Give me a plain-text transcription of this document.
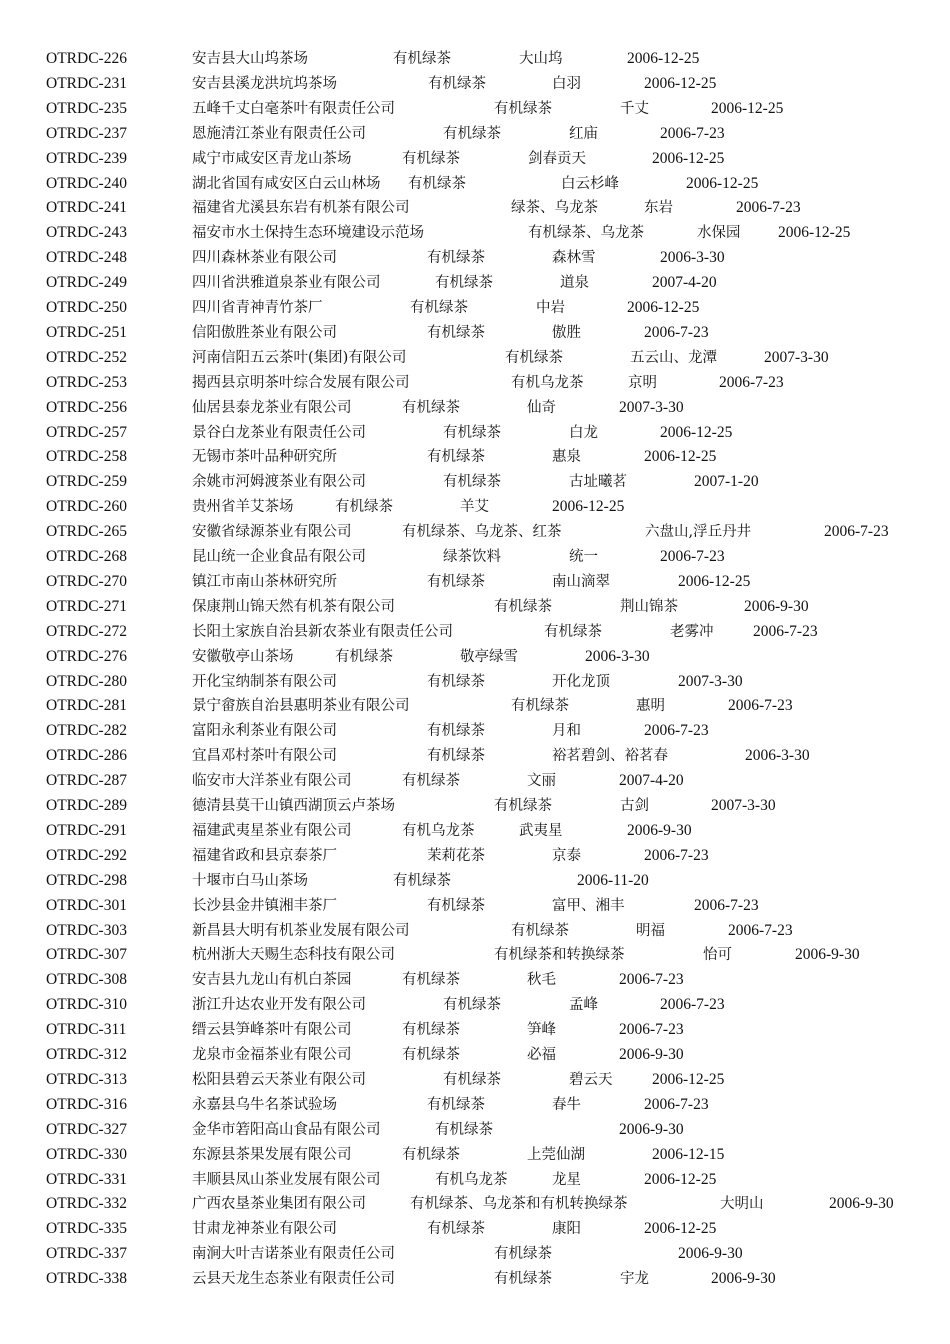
OTRDC-226	安吉县大山坞茶场	有机绿茶	大山坞	2006-12-25
OTRDC-231	安吉县溪龙洪坑坞茶场	有机绿茶	白羽	2006-12-25
OTRDC-235	五峰千丈白毫茶叶有限责任公司	有机绿茶	千丈	2006-12-25
OTRDC-237	恩施清江茶业有限责任公司	有机绿茶	红庙	2006-7-23
OTRDC-239	咸宁市咸安区青龙山茶场	有机绿茶	剑春贡天	2006-12-25
OTRDC-240	湖北省国有咸安区白云山林场 有机绿茶	白云杉峰	2006-12-25
OTRDC-241	福建省尤溪县东岩有机茶有限公司	绿茶、乌龙茶	东岩	2006-7-23
OTRDC-243	福安市水土保持生态环境建设示范场	有机绿茶、乌龙茶	水保园 2006-12-25
OTRDC-248	四川森林茶业有限公司	有机绿茶	森林雪	2006-3-30
OTRDC-249	四川省洪雅道泉茶业有限公司	有机绿茶	道泉	2007-4-20
OTRDC-250	四川省青神青竹茶厂	有机绿茶	中岩	2006-12-25
OTRDC-251	信阳傲胜茶业有限公司	有机绿茶	傲胜	2006-7-23
OTRDC-252	河南信阳五云茶叶(集团)有限公司	有机绿茶	五云山、龙潭	2007-3-30
OTRDC-253	揭西县京明茶叶综合发展有限公司	有机乌龙茶	京明	2006-7-23
OTRDC-256	仙居县泰龙茶业有限公司	有机绿茶	仙奇	2007-3-30
OTRDC-257	景谷白龙茶业有限责任公司	有机绿茶	白龙	2006-12-25
OTRDC-258	无锡市茶叶品种研究所	有机绿茶	惠泉	2006-12-25
OTRDC-259	余姚市河姆渡茶业有限公司	有机绿茶	古址曦茗	2007-1-20
OTRDC-260	贵州省羊艾茶场	有机绿茶	羊艾	2006-12-25
OTRDC-265	安徽省绿源茶业有限公司	有机绿茶、乌龙茶、红茶	六盘山,浮丘丹井	2006-7-23
OTRDC-268	昆山统一企业食品有限公司	绿茶饮料	统一	2006-7-23
OTRDC-270	镇江市南山茶林研究所	有机绿茶	南山滴翠	2006-12-25
OTRDC-271	保康荆山锦天然有机茶有限公司	有机绿茶	荆山锦茶	2006-9-30
OTRDC-272	长阳土家族自治县新农茶业有限责任公司	有机绿茶	老雾冲	2006-7-23
OTRDC-276	安徽敬亭山茶场	有机绿茶	敬亭绿雪	2006-3-30
OTRDC-280	开化宝纳制茶有限公司	有机绿茶	开化龙顶	2007-3-30
OTRDC-281	景宁畲族自治县惠明茶业有限公司	有机绿茶	惠明	2006-7-23
OTRDC-282	富阳永利茶业有限公司	有机绿茶	月和	2006-7-23
OTRDC-286	宜昌邓村茶叶有限公司	有机绿茶	裕茗碧剑、裕茗春	2006-3-30
OTRDC-287	临安市大洋茶业有限公司	有机绿茶	文丽	2007-4-20
OTRDC-289	德清县莫干山镇西湖顶云卢茶场	有机绿茶	古剑	2007-3-30
OTRDC-291	福建武夷星茶业有限公司	有机乌龙茶	武夷星	2006-9-30
OTRDC-292	福建省政和县京泰茶厂	茉莉花茶	京泰	2006-7-23
OTRDC-298	十堰市白马山茶场	有机绿茶	2006-11-20
OTRDC-301	长沙县金井镇湘丰茶厂	有机绿茶	富甲、湘丰	2006-7-23
OTRDC-303	新昌县大明有机茶业发展有限公司	有机绿茶	明福	2006-7-23
OTRDC-307	杭州浙大天赐生态科技有限公司	有机绿茶和转换绿茶	怡可	2006-9-30
OTRDC-308	安吉县九龙山有机白茶园	有机绿茶	秋毛	2006-7-23
OTRDC-310	浙江升达农业开发有限公司	有机绿茶	孟峰	2006-7-23
OTRDC-311	缙云县笋峰茶叶有限公司	有机绿茶	笋峰	2006-7-23
OTRDC-312	龙泉市金福茶业有限公司	有机绿茶	必福	2006-9-30
OTRDC-313	松阳县碧云天茶业有限公司	有机绿茶	碧云天	2006-12-25
OTRDC-316	永嘉县乌牛名茶试验场	有机绿茶	春牛	2006-7-23
OTRDC-327	金华市箬阳高山食品有限公司	有机绿茶	2006-9-30
OTRDC-330	东源县茶果发展有限公司	有机绿茶	上莞仙湖	2006-12-15
OTRDC-331	丰顺县凤山茶业发展有限公司	有机乌龙茶	龙星	2006-12-25
OTRDC-332	广西农垦茶业集团有限公司	有机绿茶、乌龙茶和有机转换绿茶	大明山	2006-9-30
OTRDC-335	甘肃龙神茶业有限公司	有机绿茶	康阳	2006-12-25
OTRDC-337	南涧大叶吉诺茶业有限责任公司	有机绿茶	2006-9-30
OTRDC-338	云县天龙生态茶业有限责任公司	有机绿茶	宇龙	2006-9-30
